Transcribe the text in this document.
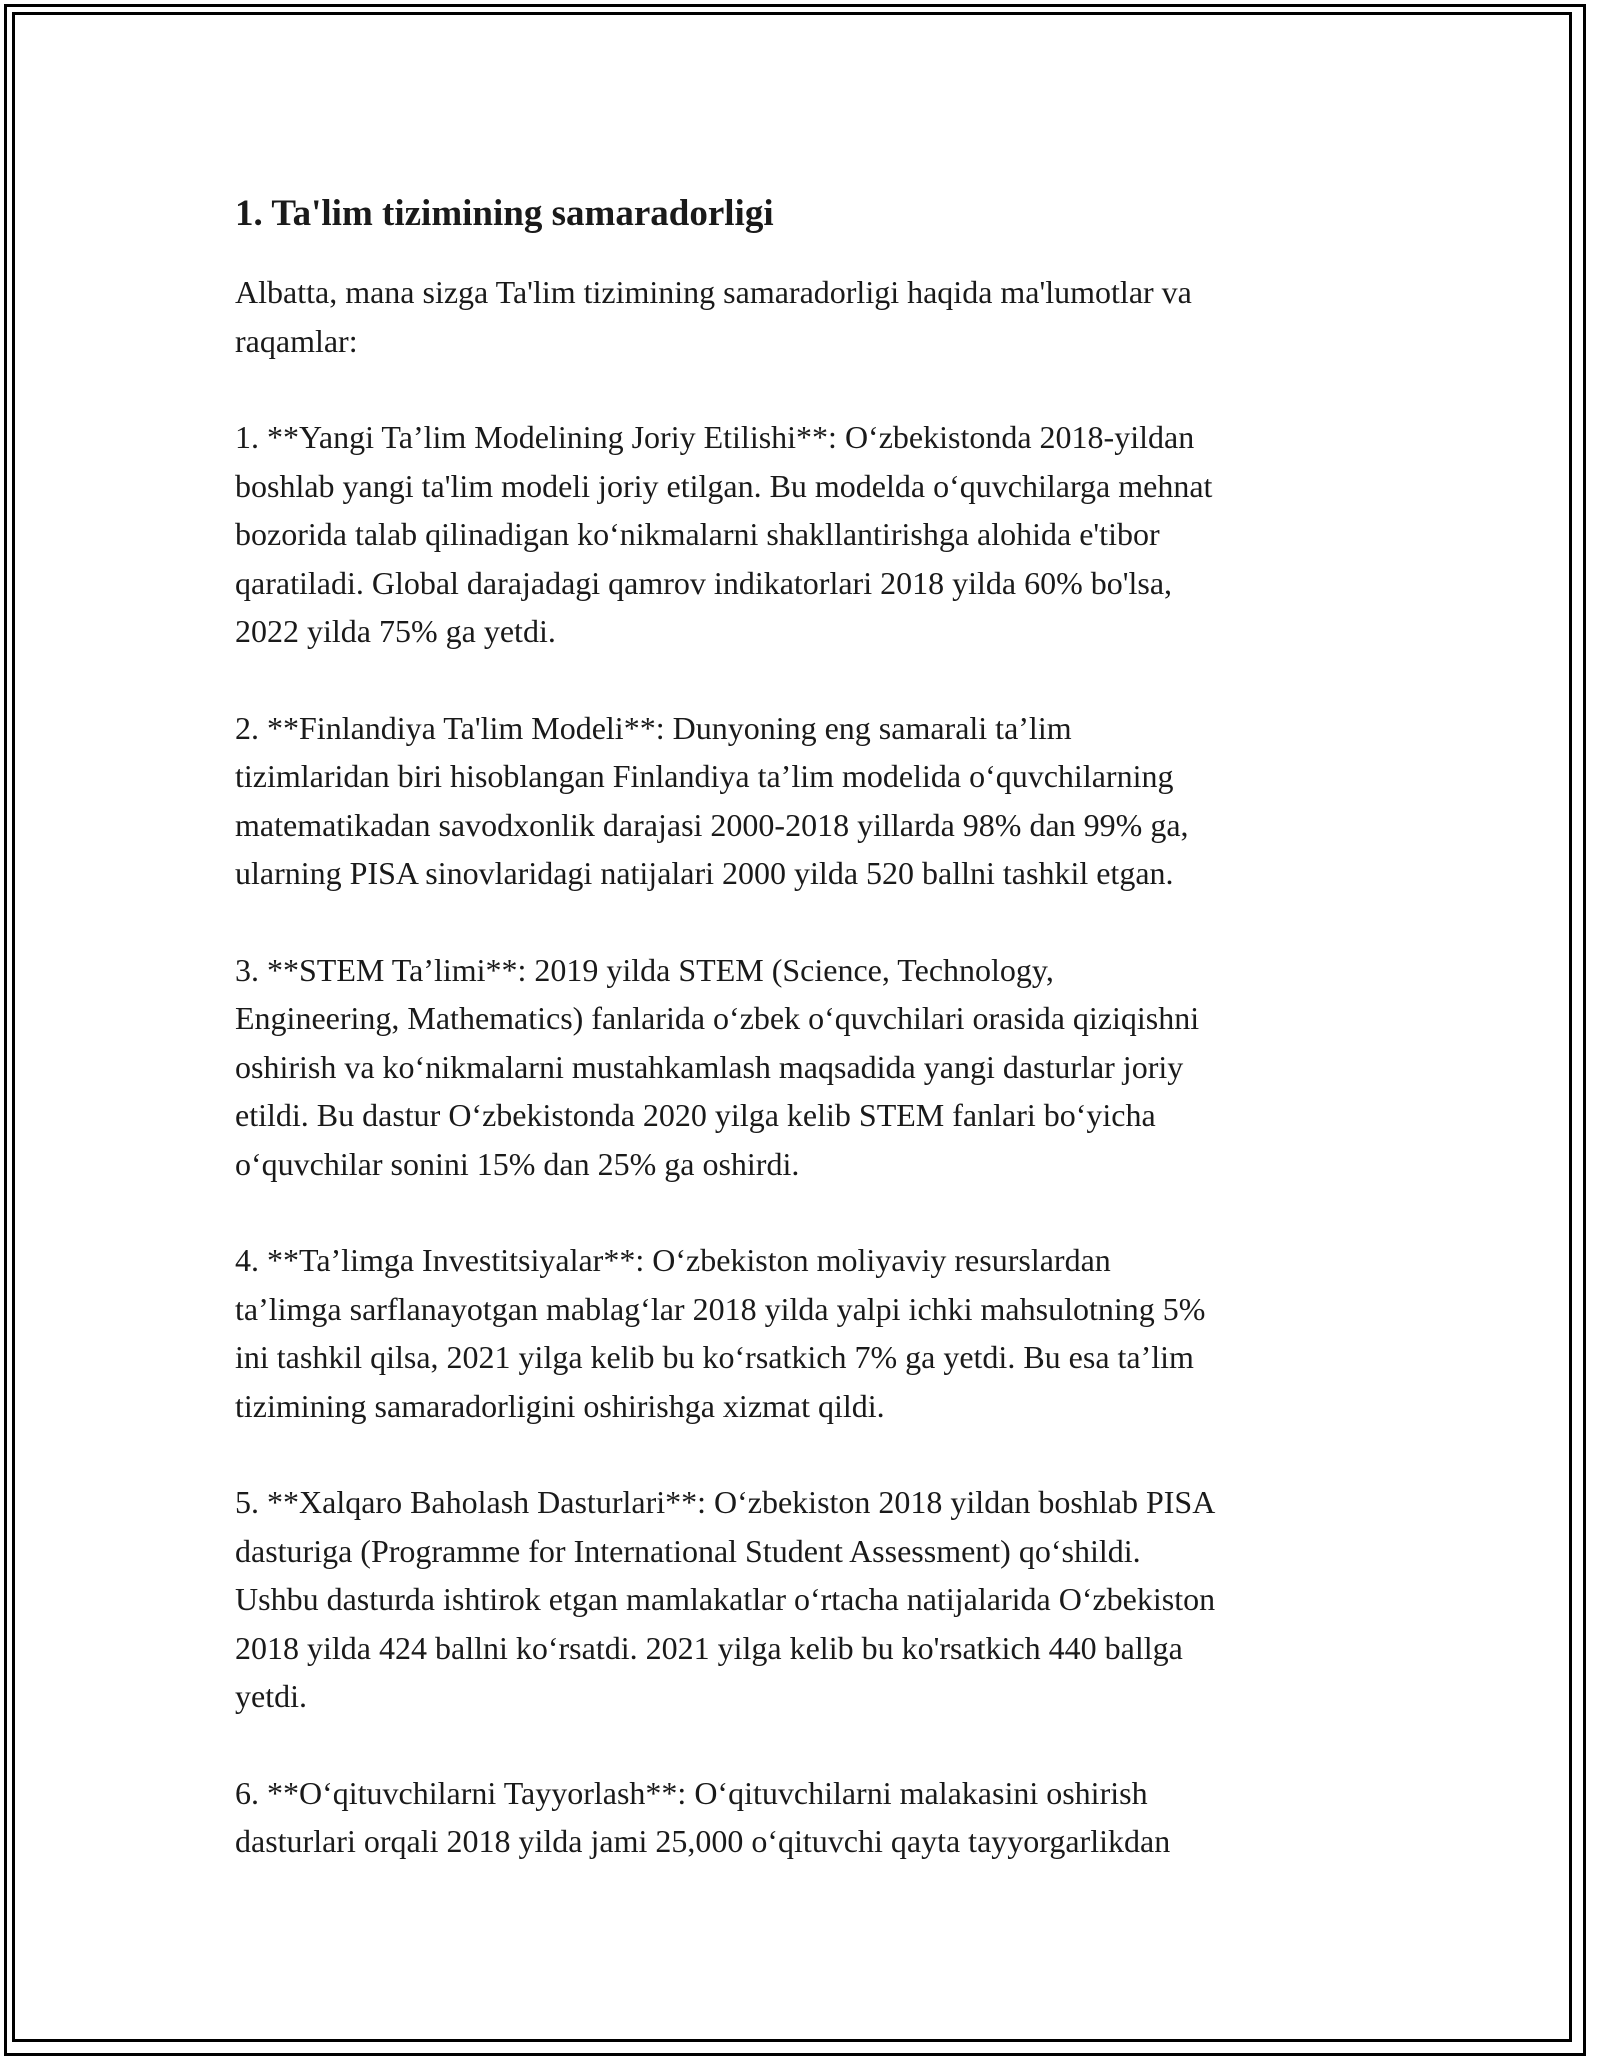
1. Ta'lim tizimining samaradorligi

Albatta, mana sizga Ta'lim tizimining samaradorligi haqida ma'lumotlar va
raqamlar:

1. **Yangi Ta’lim Modelining Joriy Etilishi**: O‘zbekistonda 2018-yildan
boshlab yangi ta'lim modeli joriy etilgan. Bu modelda o‘quvchilarga mehnat
bozorida talab qilinadigan ko‘nikmalarni shakllantirishga alohida e'tibor
qaratiladi. Global darajadagi qamrov indikatorlari 2018 yilda 60% bo'lsa,
2022 yilda 75% ga yetdi.

2. **Finlandiya Ta'lim Modeli**: Dunyoning eng samarali ta’lim
tizimlaridan biri hisoblangan Finlandiya ta’lim modelida o‘quvchilarning
matematikadan savodxonlik darajasi 2000-2018 yillarda 98% dan 99% ga,
ularning PISA sinovlaridagi natijalari 2000 yilda 520 ballni tashkil etgan.

3. **STEM Ta’limi**: 2019 yilda STEM (Science, Technology,
Engineering, Mathematics) fanlarida o‘zbek o‘quvchilari orasida qiziqishni
oshirish va ko‘nikmalarni mustahkamlash maqsadida yangi dasturlar joriy
etildi. Bu dastur O‘zbekistonda 2020 yilga kelib STEM fanlari bo‘yicha
o‘quvchilar sonini 15% dan 25% ga oshirdi.

4. **Ta’limga Investitsiyalar**: O‘zbekiston moliyaviy resurslardan
ta’limga sarflanayotgan mablag‘lar 2018 yilda yalpi ichki mahsulotning 5%
ini tashkil qilsa, 2021 yilga kelib bu ko‘rsatkich 7% ga yetdi. Bu esa ta’lim
tizimining samaradorligini oshirishga xizmat qildi.

5. **Xalqaro Baholash Dasturlari**: O‘zbekiston 2018 yildan boshlab PISA
dasturiga (Programme for International Student Assessment) qo‘shildi.
Ushbu dasturda ishtirok etgan mamlakatlar o‘rtacha natijalarida O‘zbekiston
2018 yilda 424 ballni ko‘rsatdi. 2021 yilga kelib bu ko'rsatkich 440 ballga
yetdi.

6. **O‘qituvchilarni Tayyorlash**: O‘qituvchilarni malakasini oshirish
dasturlari orqali 2018 yilda jami 25,000 o‘qituvchi qayta tayyorgarlikdan
